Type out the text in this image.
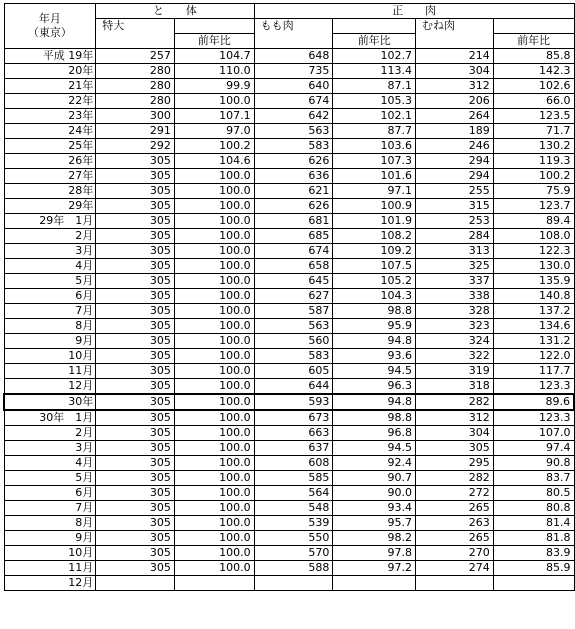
年月
（東京）	と　　体		正　　肉			
	特大		もも肉		むね肉	
		前年比		前年比		前年比
平成 19年	257	104.7	648	102.7	214	85.8
20年	280	110.0	735	113.4	304	142.3
21年	280	99.9	640	87.1	312	102.6
22年	280	100.0	674	105.3	206	66.0
23年	300	107.1	642	102.1	264	123.5
24年	291	97.0	563	87.7	189	71.7
25年	292	100.2	583	103.6	246	130.2
26年	305	104.6	626	107.3	294	119.3
27年	305	100.0	636	101.6	294	100.2
28年	305	100.0	621	97.1	255	75.9
29年	305	100.0	626	100.9	315	123.7
29年　1月	305	100.0	681	101.9	253	89.4
2月	305	100.0	685	108.2	284	108.0
3月	305	100.0	674	109.2	313	122.3
4月	305	100.0	658	107.5	325	130.0
5月	305	100.0	645	105.2	337	135.9
6月	305	100.0	627	104.3	338	140.8
7月	305	100.0	587	98.8	328	137.2
8月	305	100.0	563	95.9	323	134.6
9月	305	100.0	560	94.8	324	131.2
10月	305	100.0	583	93.6	322	122.0
11月	305	100.0	605	94.5	319	117.7
12月	305	100.0	644	96.3	318	123.3
30年	305	100.0	593	94.8	282	89.6
30年　1月	305	100.0	673	98.8	312	123.3
2月	305	100.0	663	96.8	304	107.0
3月	305	100.0	637	94.5	305	97.4
4月	305	100.0	608	92.4	295	90.8
5月	305	100.0	585	90.7	282	83.7
6月	305	100.0	564	90.0	272	80.5
7月	305	100.0	548	93.4	265	80.8
8月	305	100.0	539	95.7	263	81.4
9月	305	100.0	550	98.2	265	81.8
10月	305	100.0	570	97.8	270	83.9
11月	305	100.0	588	97.2	274	85.9
12月						
